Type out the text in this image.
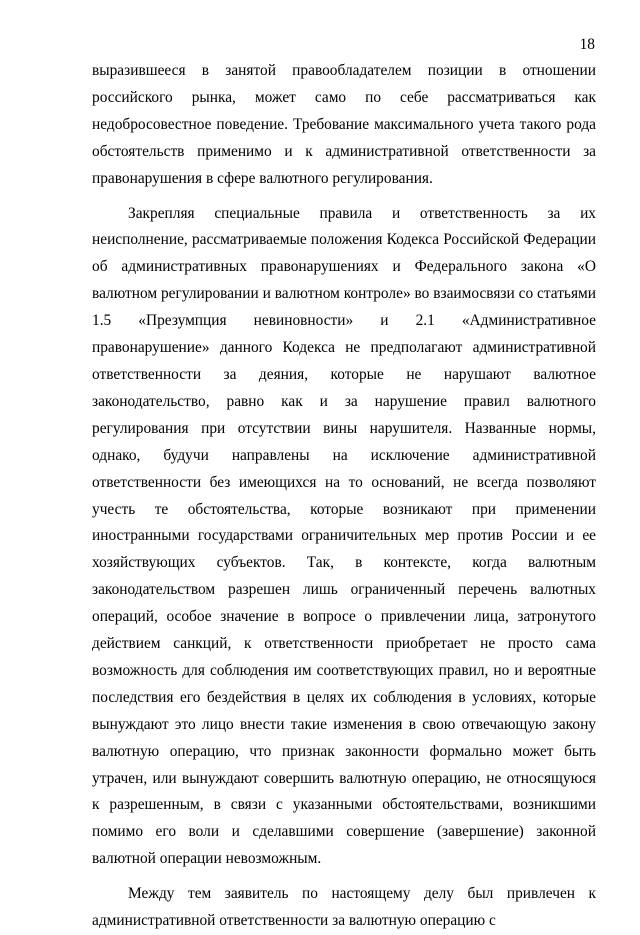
18

выразившееся в занятой правообладателем позиции в отношении российского рынка, может само по себе рассматриваться как недобросовестное поведение. Требование максимального учета такого рода обстоятельств применимо и к административной ответственности за правонарушения в сфере валютного регулирования.

Закрепляя специальные правила и ответственность за их неисполнение, рассматриваемые положения Кодекса Российской Федерации об административных правонарушениях и Федерального закона «О валютном регулировании и валютном контроле» во взаимосвязи со статьями 1.5 «Презумпция невиновности» и 2.1 «Административное правонарушение» данного Кодекса не предполагают административной ответственности за деяния, которые не нарушают валютное законодательство, равно как и за нарушение правил валютного регулирования при отсутствии вины нарушителя. Названные нормы, однако, будучи направлены на исключение административной ответственности без имеющихся на то оснований, не всегда позволяют учесть те обстоятельства, которые возникают при применении иностранными государствами ограничительных мер против России и ее хозяйствующих субъектов. Так, в контексте, когда валютным законодательством разрешен лишь ограниченный перечень валютных операций, особое значение в вопросе о привлечении лица, затронутого действием санкций, к ответственности приобретает не просто сама возможность для соблюдения им соответствующих правил, но и вероятные последствия его бездействия в целях их соблюдения в условиях, которые вынуждают это лицо внести такие изменения в свою отвечающую закону валютную операцию, что признак законности формально может быть утрачен, или вынуждают совершить валютную операцию, не относящуюся к разрешенным, в связи с указанными обстоятельствами, возникшими помимо его воли и сделавшими совершение (завершение) законной валютной операции невозможным.

Между тем заявитель по настоящему делу был привлечен к административной ответственности за валютную операцию с
